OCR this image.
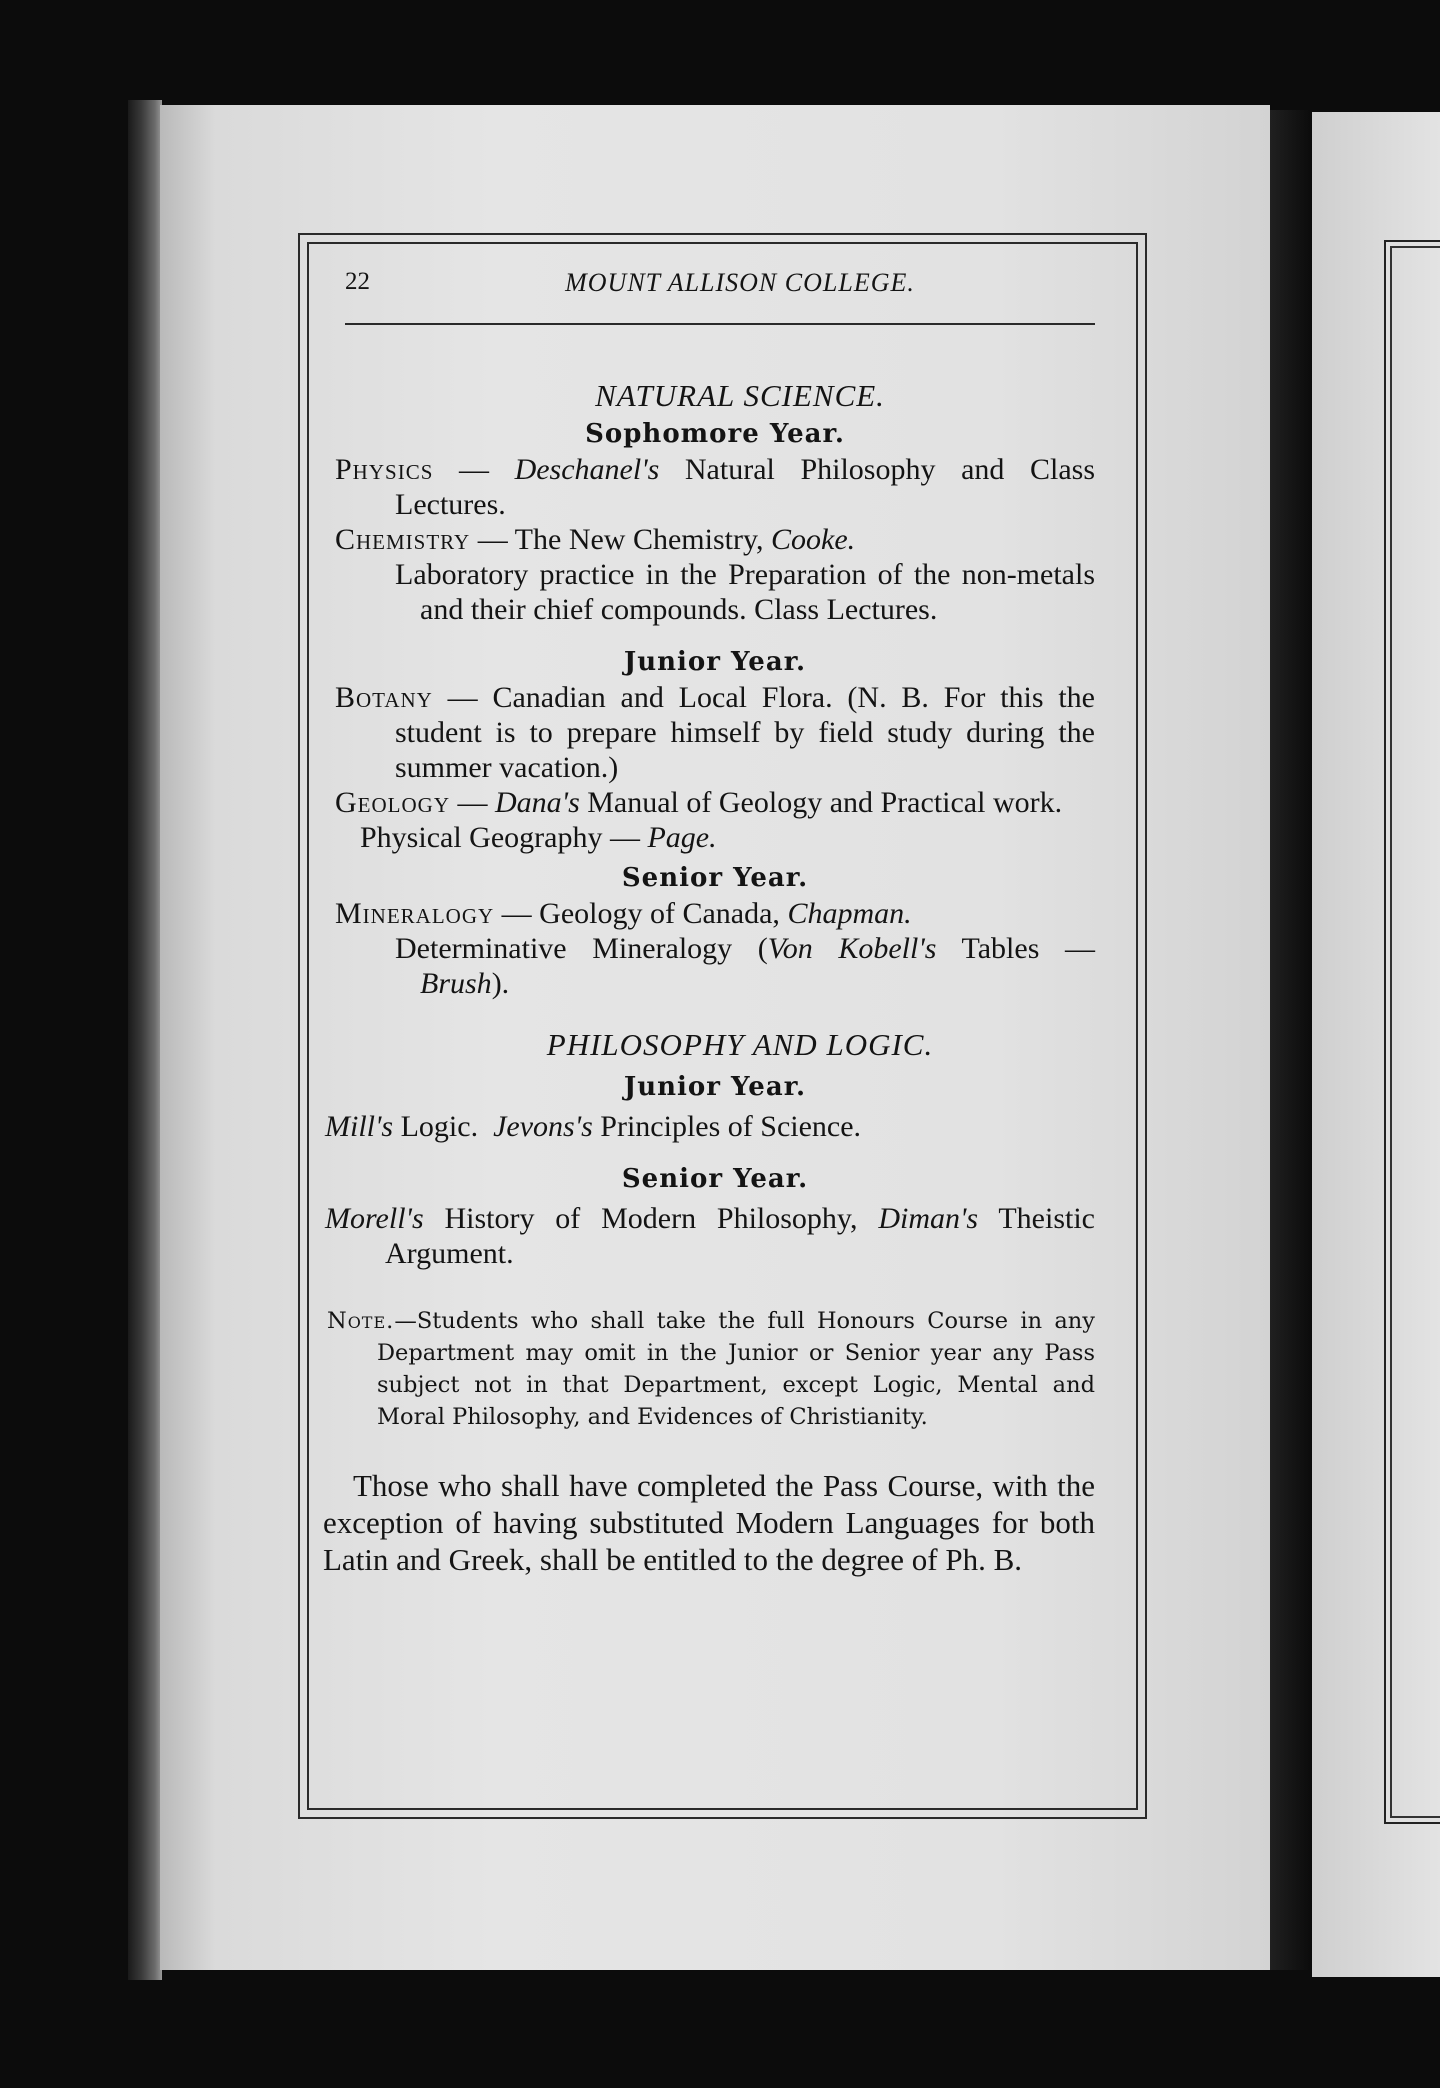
22	MOUNT ALLISON COLLEGE.

NATURAL SCIENCE.

Sophomore Year.

Physics — Deschanel's Natural Philosophy and Class Lectures.

Chemistry — The New Chemistry, Cooke.

Laboratory practice in the Preparation of the non-metals and their chief compounds. Class Lectures.

Junior Year.

Botany — Canadian and Local Flora. (N. B. For this the student is to prepare himself by field study during the summer vacation.)

Geology — Dana's Manual of Geology and Practical work.

Physical Geography — Page.

Senior Year.

Mineralogy — Geology of Canada, Chapman.

Determinative Mineralogy (Von Kobell's Tables — Brush).

PHILOSOPHY AND LOGIC.

Junior Year.

Mill's Logic.  Jevons's Principles of Science.

Senior Year.

Morell's History of Modern Philosophy, Diman's Theistic Argument.

Note.—Students who shall take the full Honours Course in any Department may omit in the Junior or Senior year any Pass subject not in that Department, except Logic, Mental and Moral Philosophy, and Evidences of Christianity.

Those who shall have completed the Pass Course, with the exception of having substituted Modern Languages for both Latin and Greek, shall be entitled to the degree of Ph. B.
